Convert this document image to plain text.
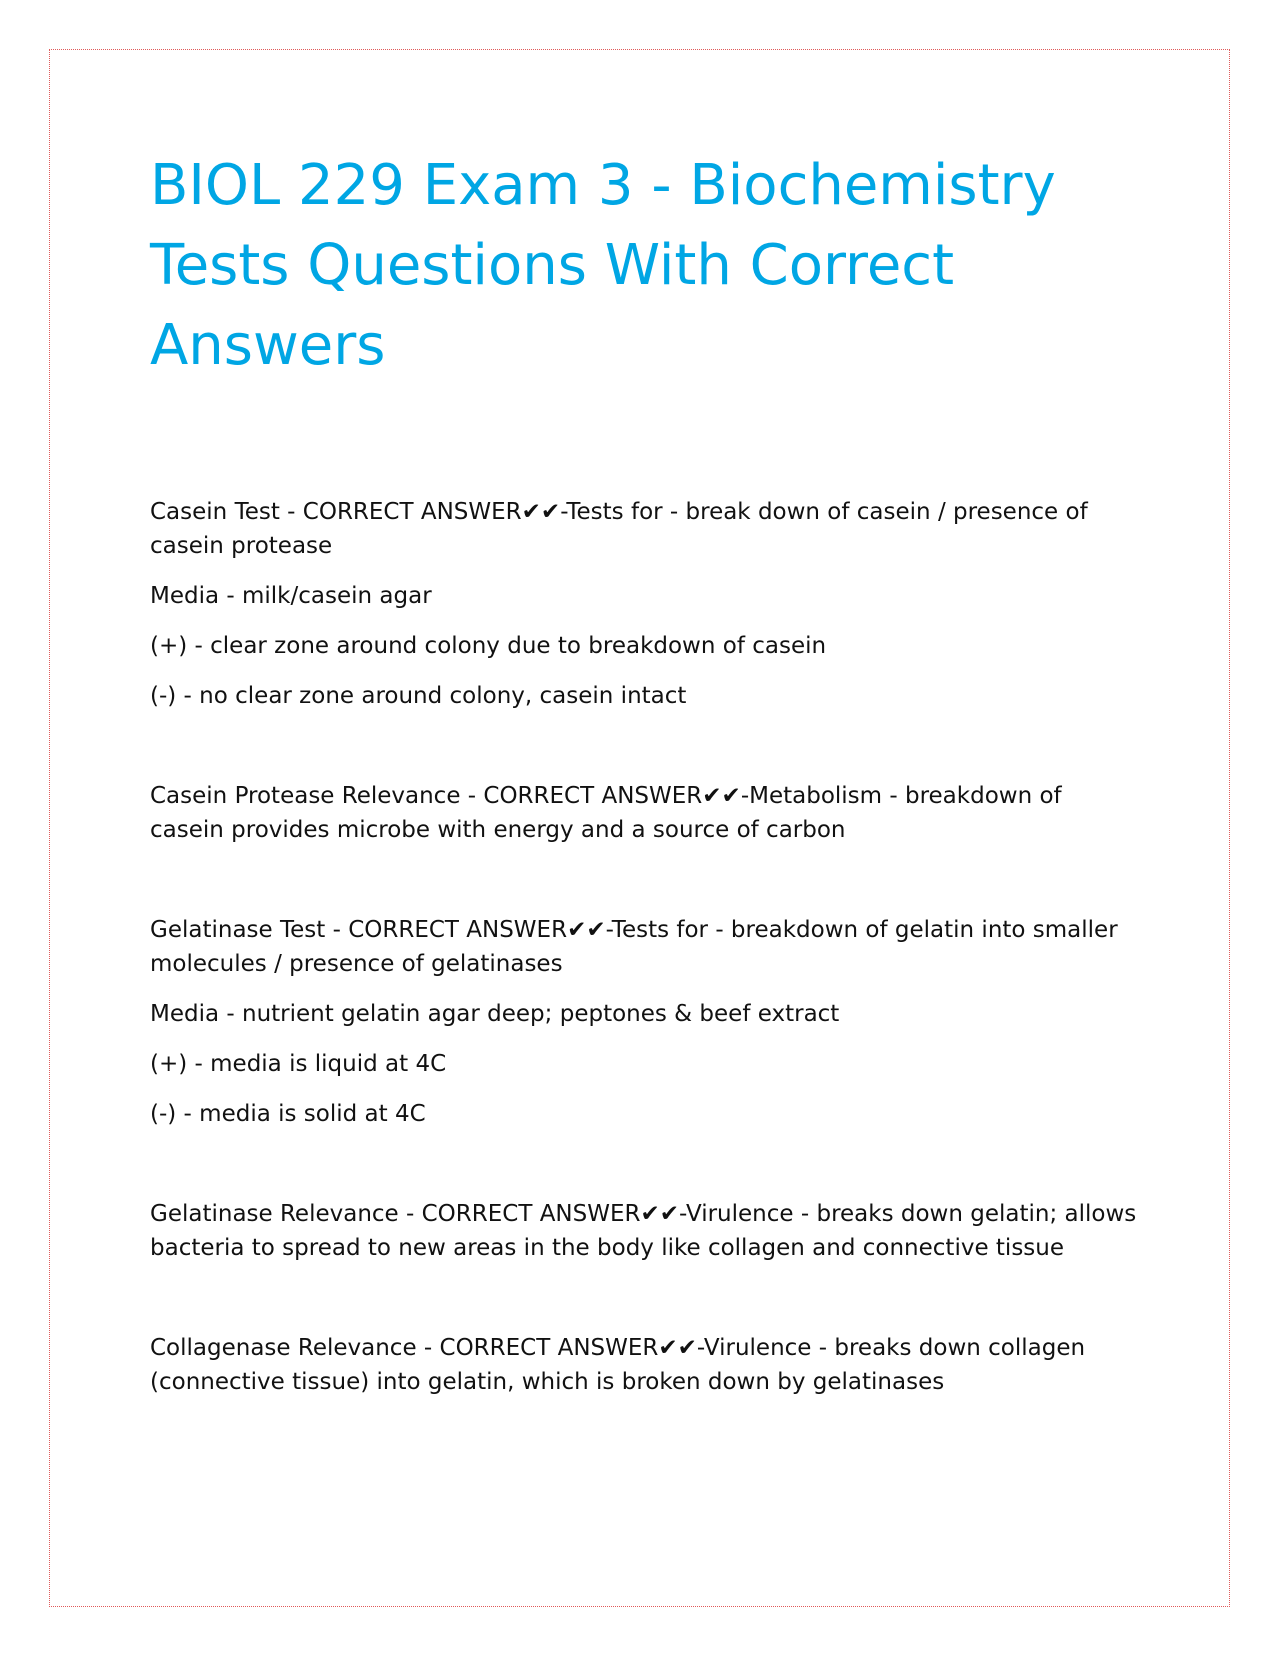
BIOL 229 Exam 3 - Biochemistry Tests Questions With Correct Answers

Casein Test - CORRECT ANSWER✔✔-Tests for - break down of casein / presence of casein protease

Media - milk/casein agar

(+) - clear zone around colony due to breakdown of casein

(-) - no clear zone around colony, casein intact

Casein Protease Relevance - CORRECT ANSWER✔✔-Metabolism - breakdown of casein provides microbe with energy and a source of carbon

Gelatinase Test - CORRECT ANSWER✔✔-Tests for - breakdown of gelatin into smaller molecules / presence of gelatinases

Media - nutrient gelatin agar deep; peptones & beef extract

(+) - media is liquid at 4C

(-) - media is solid at 4C

Gelatinase Relevance - CORRECT ANSWER✔✔-Virulence - breaks down gelatin; allows bacteria to spread to new areas in the body like collagen and connective tissue

Collagenase Relevance - CORRECT ANSWER✔✔-Virulence - breaks down collagen (connective tissue) into gelatin, which is broken down by gelatinases
